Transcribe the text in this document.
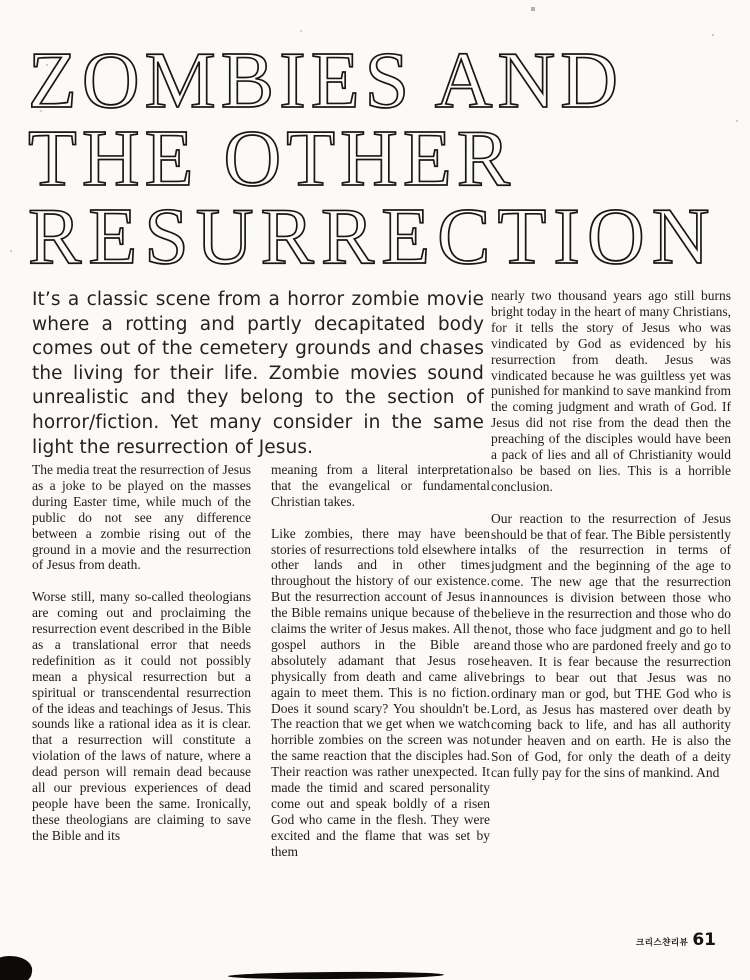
ZOMBIES AND
THE OTHER
RESURRECTION

It’s a classic scene from a horror zombie movie where a rotting and partly decapitated body comes out of the cemetery grounds and chases the living for their life. Zombie movies sound unrealistic and they belong to the section of horror/fiction. Yet many consider in the same light the resurrection of Jesus.

The media treat the resurrection of Jesus as a joke to be played on the masses during Easter time, while much of the public do not see any difference between a zombie rising out of the ground in a movie and the resurrection of Jesus from death.

Worse still, many so-called theologians are coming out and proclaiming the resurrection event described in the Bible as a translational error that needs redefinition as it could not possibly mean a physical resurrection but a spiritual or transcendental resurrection of the ideas and teachings of Jesus. This sounds like a rational idea as it is clear. that a resurrection will constitute a violation of the laws of nature, where a dead person will remain dead because all our previous experiences of dead people have been the same. Ironically, these theologians are claiming to save the Bible and its

meaning from a literal interpretation that the evangelical or fundamental Christian takes.

Like zombies, there may have been stories of resurrections told elsewhere in other lands and in other times throughout the history of our existence. But the resurrection account of Jesus in the Bible remains unique because of the claims the writer of Jesus makes. All the gospel authors in the Bible are absolutely adamant that Jesus rose physically from death and came alive again to meet them. This is no fiction. Does it sound scary? You shouldn't be. The reaction that we get when we watch horrible zombies on the screen was not the same reaction that the disciples had. Their reaction was rather unexpected. It made the timid and scared personality come out and speak boldly of a risen God who came in the flesh. They were excited and the flame that was set by them

nearly two thousand years ago still burns bright today in the heart of many Christians, for it tells the story of Jesus who was vindicated by God as evidenced by his resurrection from death. Jesus was vindicated because he was guiltless yet was punished for mankind to save mankind from the coming judgment and wrath of God. If Jesus did not rise from the dead then the preaching of the disciples would have been a pack of lies and all of Christianity would also be based on lies. This is a horrible conclusion.

Our reaction to the resurrection of Jesus should be that of fear. The Bible persistently talks of the resurrection in terms of judgment and the beginning of the age to come. The new age that the resurrection announces is division between those who believe in the resurrection and those who do not, those who face judgment and go to hell and those who are pardoned freely and go to heaven. It is fear because the resurrection brings to bear out that Jesus was no ordinary man or god, but THE God who is Lord, as Jesus has mastered over death by coming back to life, and has all authority under heaven and on earth. He is also the Son of God, for only the death of a deity can fully pay for the sins of mankind. And

크리스챤리뷰 61
